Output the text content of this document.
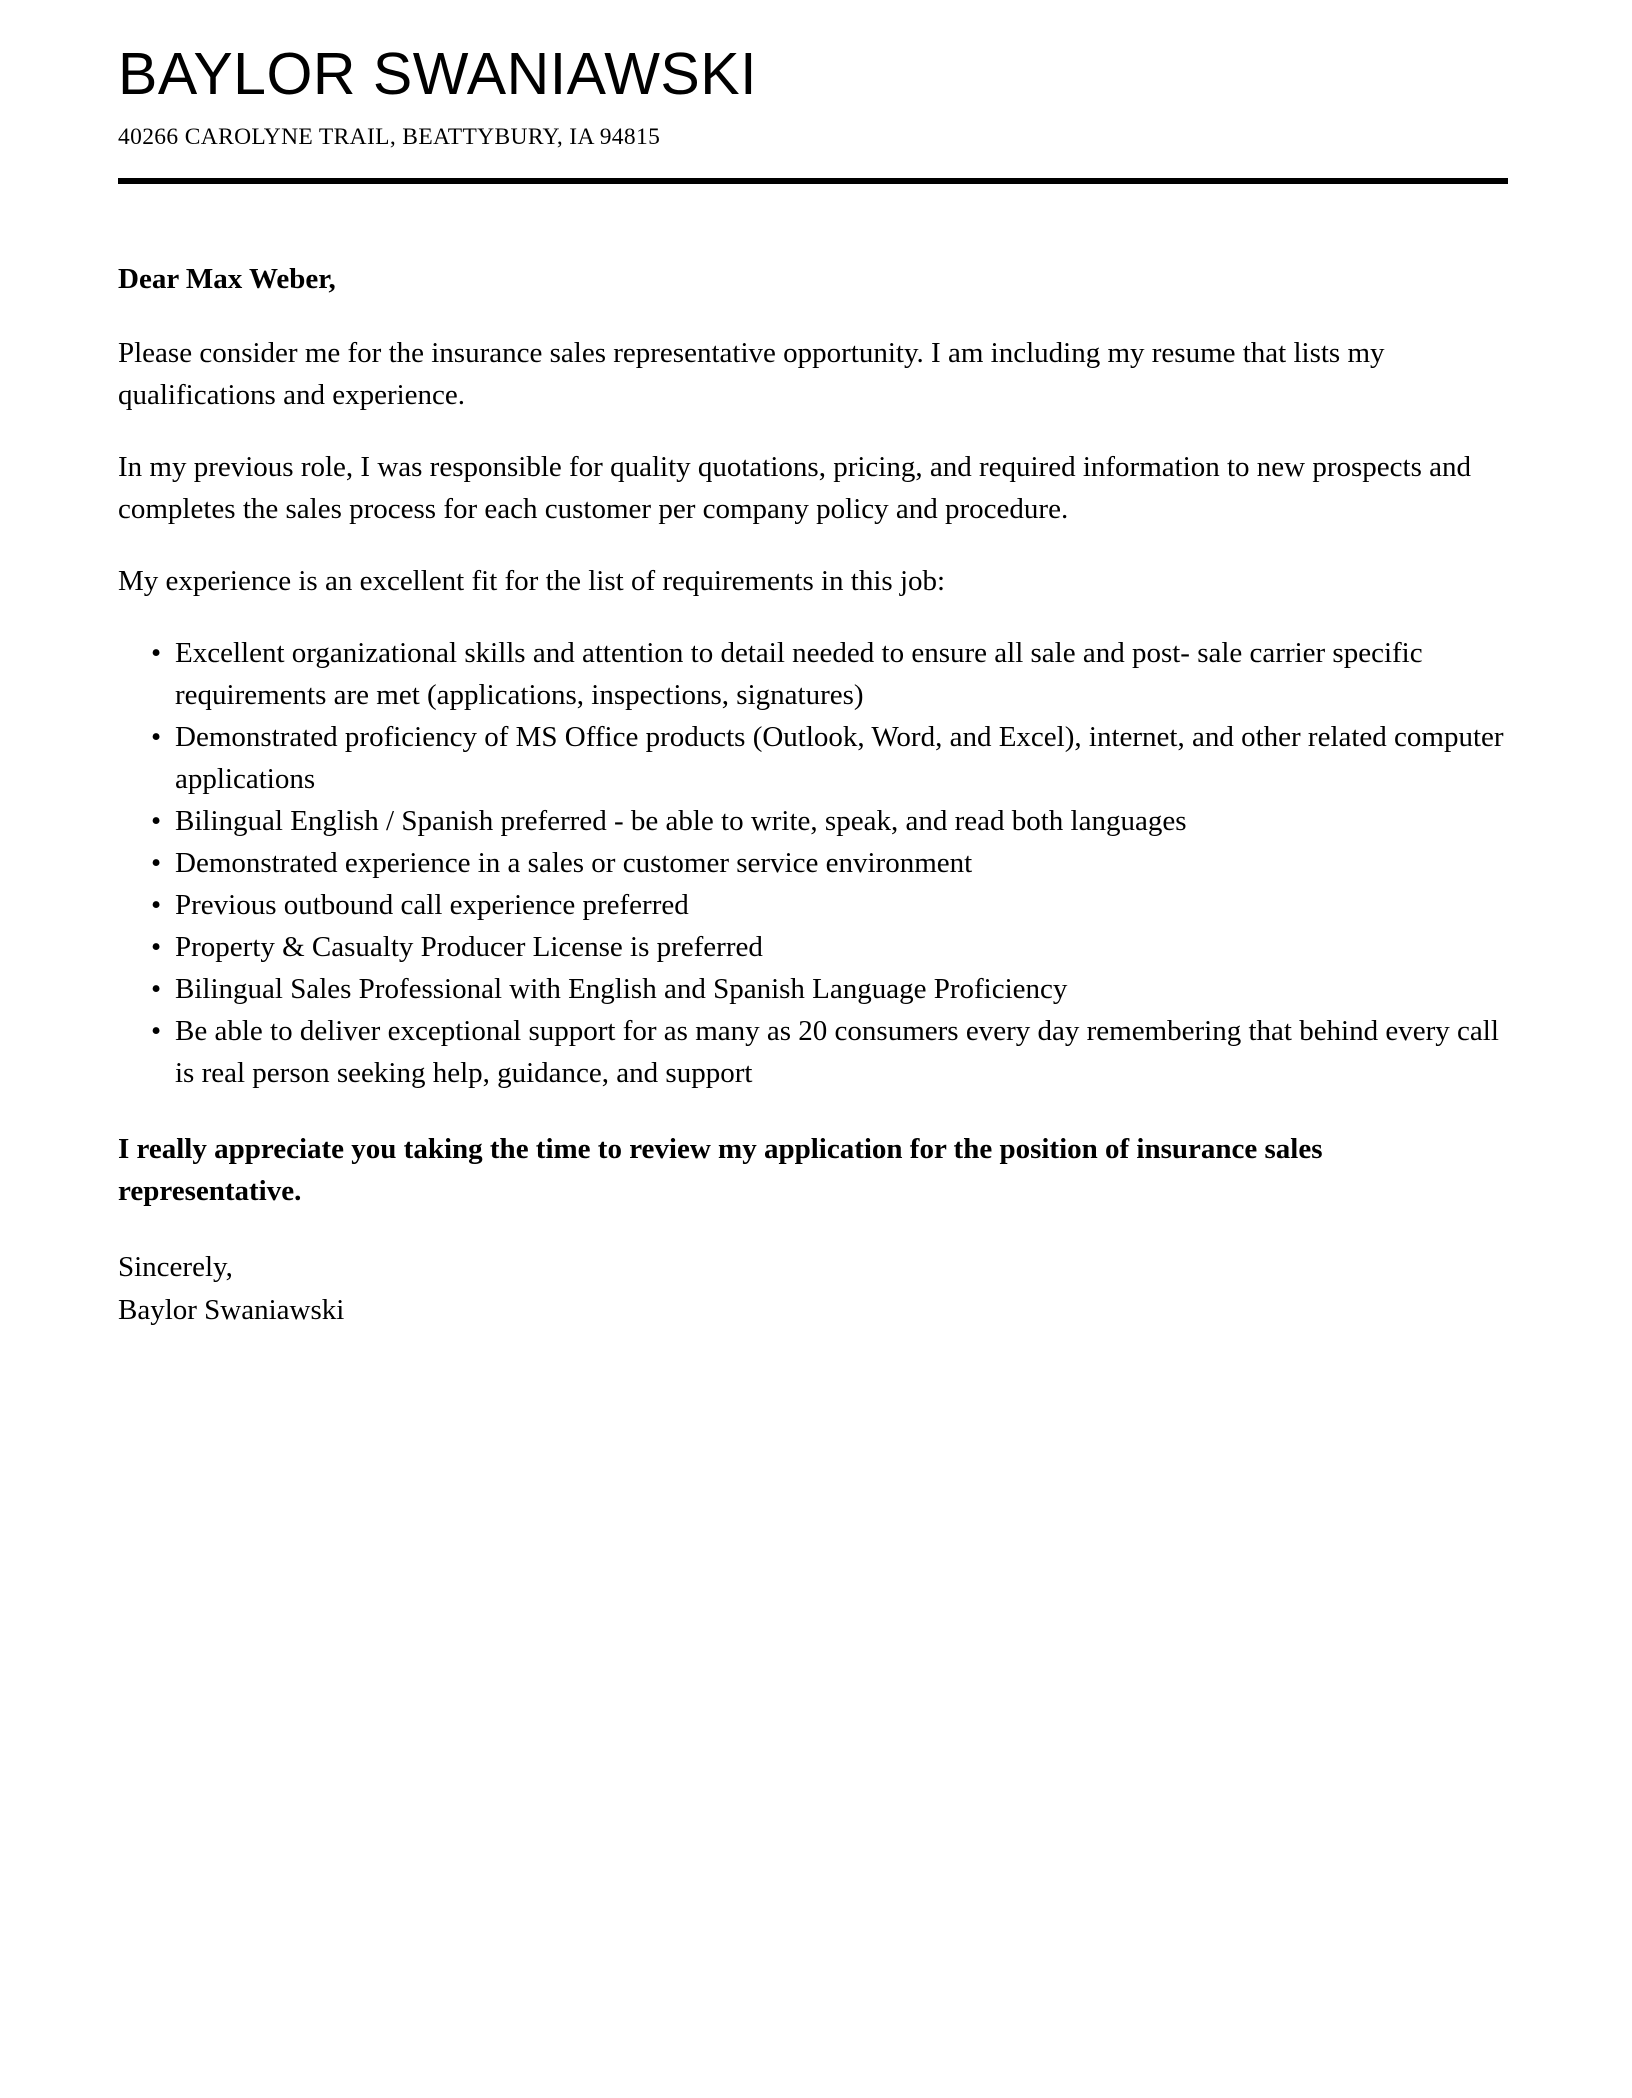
BAYLOR SWANIAWSKI
40266 CAROLYNE TRAIL, BEATTYBURY, IA 94815

Dear Max Weber,

Please consider me for the insurance sales representative opportunity. I am including my resume that lists my qualifications and experience.

In my previous role, I was responsible for quality quotations, pricing, and required information to new prospects and completes the sales process for each customer per company policy and procedure.

My experience is an excellent fit for the list of requirements in this job:

• Excellent organizational skills and attention to detail needed to ensure all sale and post- sale carrier specific requirements are met (applications, inspections, signatures)
• Demonstrated proficiency of MS Office products (Outlook, Word, and Excel), internet, and other related computer applications
• Bilingual English / Spanish preferred - be able to write, speak, and read both languages
• Demonstrated experience in a sales or customer service environment
• Previous outbound call experience preferred
• Property & Casualty Producer License is preferred
• Bilingual Sales Professional with English and Spanish Language Proficiency
• Be able to deliver exceptional support for as many as 20 consumers every day remembering that behind every call is real person seeking help, guidance, and support

I really appreciate you taking the time to review my application for the position of insurance sales representative.

Sincerely,
Baylor Swaniawski
